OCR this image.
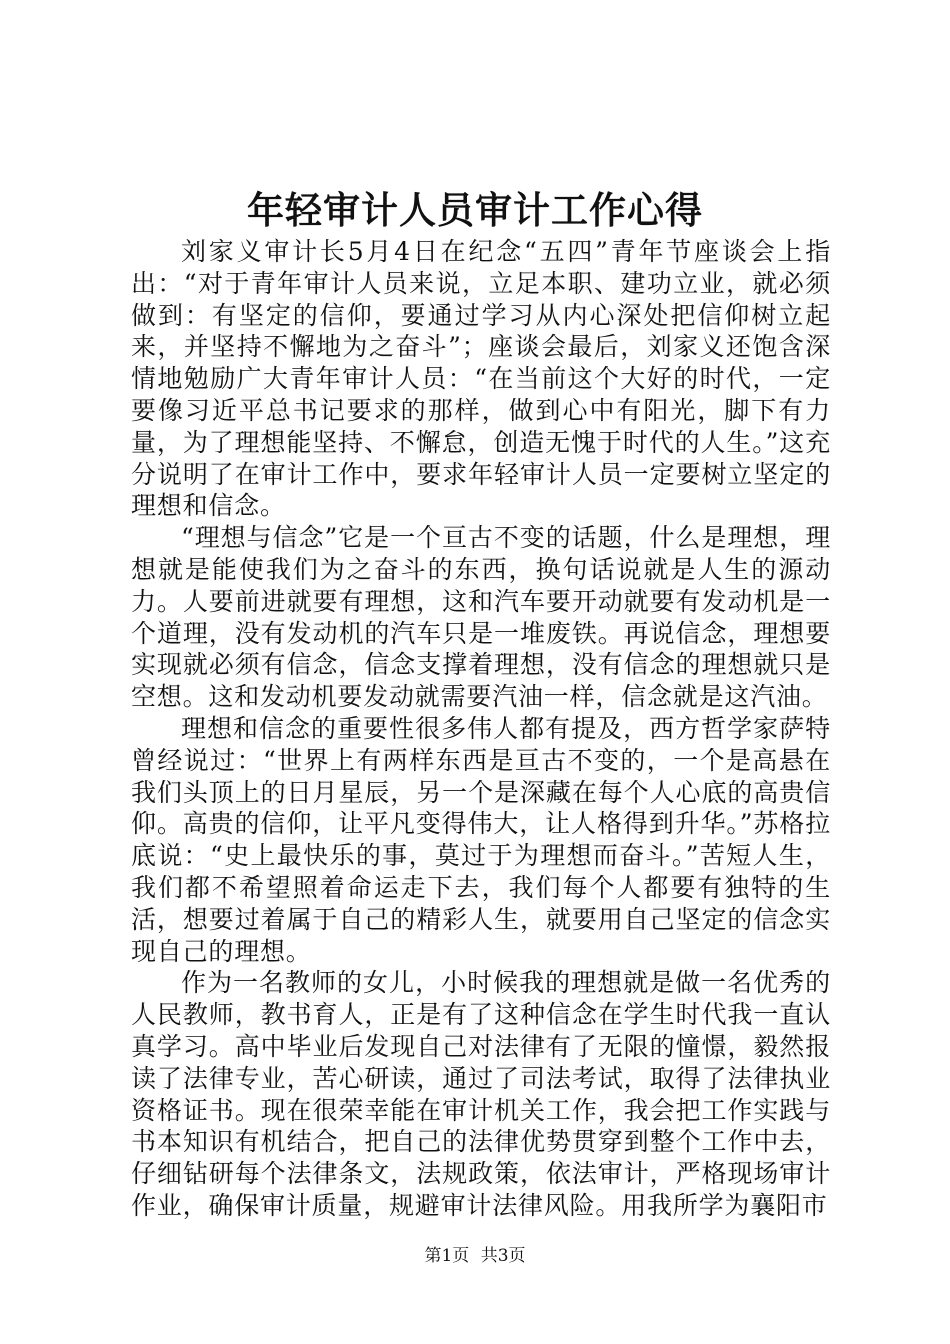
年轻审计人员审计工作心得

刘家义审计长5月4日在纪念“五四”青年节座谈会上指出：“对于青年审计人员来说，立足本职、建功立业，就必须做到：有坚定的信仰，要通过学习从内心深处把信仰树立起来，并坚持不懈地为之奋斗”；座谈会最后，刘家义还饱含深情地勉励广大青年审计人员：“在当前这个大好的时代，一定要像习近平总书记要求的那样，做到心中有阳光，脚下有力量，为了理想能坚持、不懈怠，创造无愧于时代的人生。”这充分说明了在审计工作中，要求年轻审计人员一定要树立坚定的理想和信念。

“理想与信念”它是一个亘古不变的话题，什么是理想，理想就是能使我们为之奋斗的东西，换句话说就是人生的源动力。人要前进就要有理想，这和汽车要开动就要有发动机是一个道理，没有发动机的汽车只是一堆废铁。再说信念，理想要实现就必须有信念，信念支撑着理想，没有信念的理想就只是空想。这和发动机要发动就需要汽油一样，信念就是这汽油。

理想和信念的重要性很多伟人都有提及，西方哲学家萨特曾经说过：“世界上有两样东西是亘古不变的，一个是高悬在我们头顶上的日月星辰，另一个是深藏在每个人心底的高贵信仰。高贵的信仰，让平凡变得伟大，让人格得到升华。”苏格拉底说：“史上最快乐的事，莫过于为理想而奋斗。”苦短人生，我们都不希望照着命运走下去，我们每个人都要有独特的生活，想要过着属于自己的精彩人生，就要用自己坚定的信念实现自己的理想。

作为一名教师的女儿，小时候我的理想就是做一名优秀的人民教师，教书育人，正是有了这种信念在学生时代我一直认真学习。高中毕业后发现自己对法律有了无限的憧憬，毅然报读了法律专业，苦心研读，通过了司法考试，取得了法律执业资格证书。现在很荣幸能在审计机关工作，我会把工作实践与书本知识有机结合，把自己的法律优势贯穿到整个工作中去，仔细钻研每个法律条文，法规政策，依法审计，严格现场审计作业，确保审计质量，规避审计法律风险。用我所学为襄阳市

第1页 共3页
